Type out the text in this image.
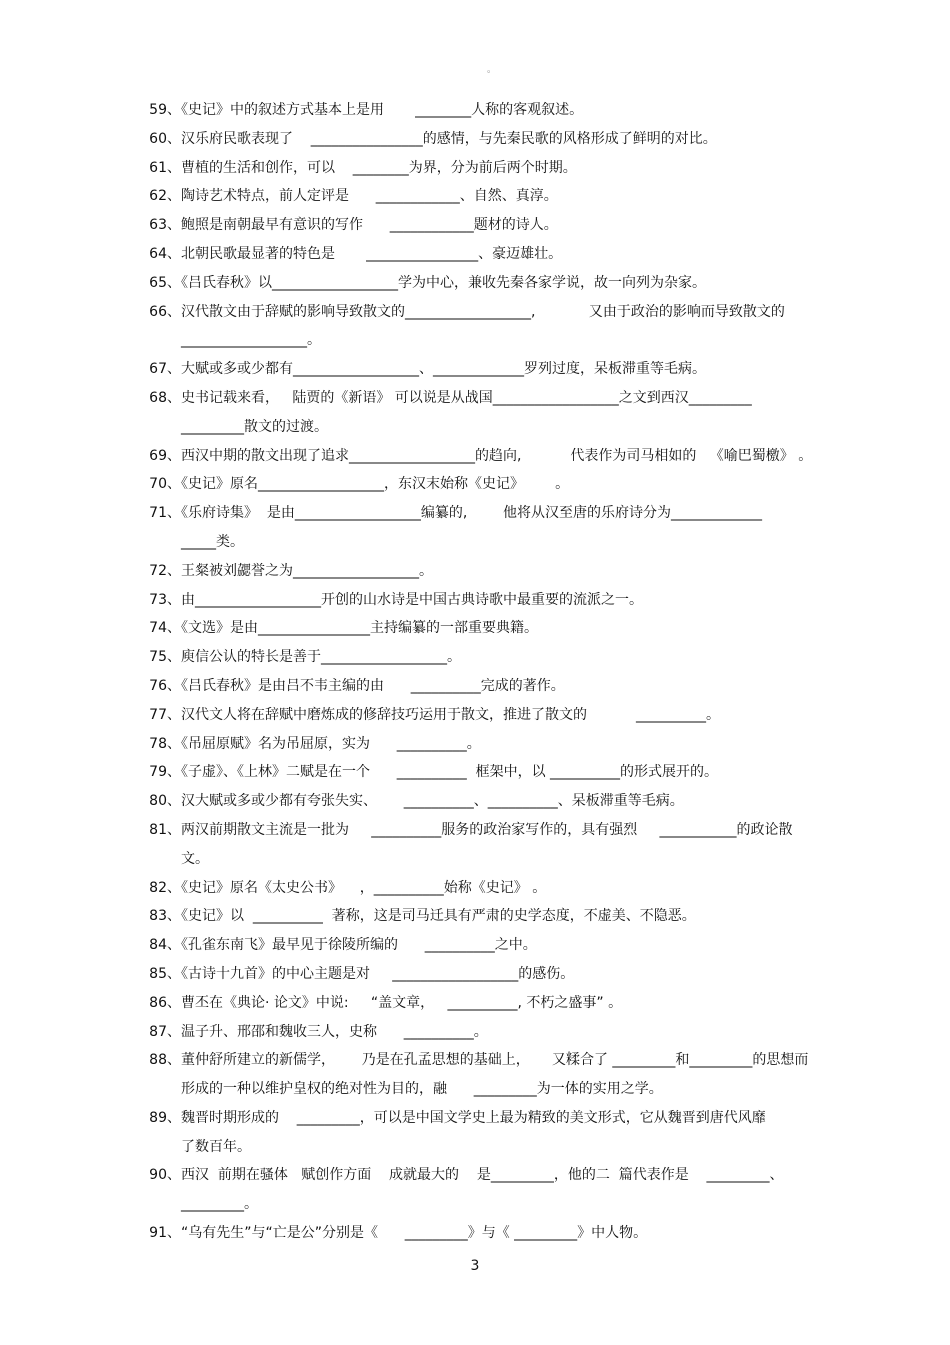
。
59、《史记》中的叙述方式基本上是用       ________人称的客观叙述。
60、汉乐府民歌表现了    ________________的感情，与先秦民歌的风格形成了鲜明的对比。
61、曹植的生活和创作，可以    ________为界，分为前后两个时期。
62、陶诗艺术特点，前人定评是      ____________、自然、真淳。
63、鲍照是南朝最早有意识的写作      ____________题材的诗人。
64、北朝民歌最显著的特色是       ________________、豪迈雄壮。
65、《吕氏春秋》以__________________学为中心，兼收先秦各家学说，故一向列为杂家。
66、汉代散文由于辞赋的影响导致散文的__________________,            又由于政治的影响而导致散文的
　__________________。
67、大赋或多或少都有__________________、_____________罗列过度，呆板滞重等毛病。
68、史书记载来看，   陆贾的《新语》 可以说是从战国__________________之文到西汉_________
　_________散文的过渡。
69、西汉中期的散文出现了追求__________________的趋向,           代表作为司马相如的   《喻巴蜀檄》 。
70、《史记》原名__________________，东汉末始称《史记》       。
71、《乐府诗集》  是由__________________编纂的,        他将从汉至唐的乐府诗分为_____________
　_____类。
72、王粲被刘勰誉之为__________________。
73、由__________________开创的山水诗是中国古典诗歌中最重要的流派之一。
74、《文选》是由________________主持编纂的一部重要典籍。
75、庾信公认的特长是善于__________________。
76、《吕氏春秋》是由吕不韦主编的由      __________完成的著作。
77、汉代文人将在辞赋中磨炼成的修辞技巧运用于散文，推进了散文的           __________。
78、《吊屈原赋》名为吊屈原，实为      __________。
79、《子虚》、《上林》二赋是在一个      __________  框架中，以 __________的形式展开的。
80、汉大赋或多或少都有夸张失实、      __________、__________、呆板滞重等毛病。
81、两汉前期散文主流是一批为     __________服务的政治家写作的，具有强烈     ___________的政论散
　文。
82、《史记》原名《太史公书》    ，__________始称《史记》 。
83、《史记》以  __________  著称，这是司马迁具有严肃的史学态度，不虚美、不隐恶。
84、《孔雀东南飞》最早见于徐陵所编的      __________之中。
85、《古诗十九首》的中心主题是对     __________________的感伤。
86、曹丕在《典论· 论文》中说:     “盖文章，   __________, 不朽之盛事” 。
87、温子升、邢邵和魏收三人，史称      __________。
88、董仲舒所建立的新儒学，      乃是在孔孟思想的基础上，     又糅合了 _________和_________的思想而
　形成的一种以维护皇权的绝对性为目的，融      _________为一体的实用之学。
89、魏晋时期形成的    _________，可以是中国文学史上最为精致的美文形式，它从魏晋到唐代风靡
　了数百年。
90、西汉  前期在骚体   赋创作方面    成就最大的    是_________，他的二  篇代表作是    _________、
　_________。
91、“乌有先生”与“亡是公”分别是《      _________》与《 _________》中人物。
3
